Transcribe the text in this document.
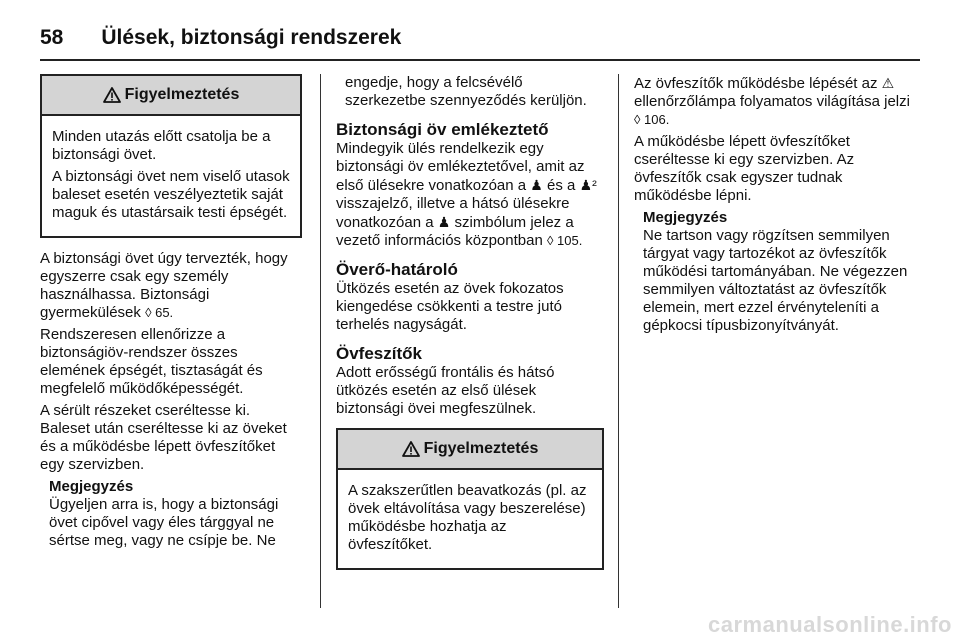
58 Ülések, biztonsági rendszerek
Figyelmeztetés

Minden utazás előtt csatolja be a biztonsági övet.

A biztonsági övet nem viselő utasok baleset esetén veszélyeztetik saját maguk és utastársaik testi épségét.

A biztonsági övet úgy tervezték, hogy egyszerre csak egy személy használhassa. Biztonsági gyermekülések ◊ 65.

Rendszeresen ellenőrizze a biztonságiöv-rendszer összes elemének épségét, tisztaságát és megfelelő működőképességét.

A sérült részeket cseréltesse ki. Baleset után cseréltesse ki az öveket és a működésbe lépett övfeszítőket egy szervizben.

Megjegyzés
Ügyeljen arra is, hogy a biztonsági övet cipővel vagy éles tárggyal ne sértse meg, vagy ne csípje be. Ne

engedje, hogy a felcsévélő szerkezetbe szennyeződés kerüljön.

Biztonsági öv emlékeztető

Mindegyik ülés rendelkezik egy biztonsági öv emlékeztetővel, amit az első ülésekre vonatkozóan a ♟ és a ♟² visszajelző, illetve a hátsó ülésekre vonatkozóan a ♟ szimbólum jelez a vezető információs központban ◊ 105.

Överő-határoló

Ütközés esetén az övek fokozatos kiengedése csökkenti a testre jutó terhelés nagyságát.

Övfeszítők

Adott erősségű frontális és hátsó ütközés esetén az első ülések biztonsági övei megfeszülnek.

Figyelmeztetés

A szakszerűtlen beavatkozás (pl. az övek eltávolítása vagy beszerelése) működésbe hozhatja az övfeszítőket.

Az övfeszítők működésbe lépését az ⚠ ellenőrzőlámpa folyamatos világítása jelzi ◊ 106.

A működésbe lépett övfeszítőket cseréltesse ki egy szervizben. Az övfeszítők csak egyszer tudnak működésbe lépni.

Megjegyzés
Ne tartson vagy rögzítsen semmilyen tárgyat vagy tartozékot az övfeszítők működési tartományában. Ne végezzen semmilyen változtatást az övfeszítők elemein, mert ezzel érvényteleníti a gépkocsi típusbizonyítványát.
carmanualsonline.info
